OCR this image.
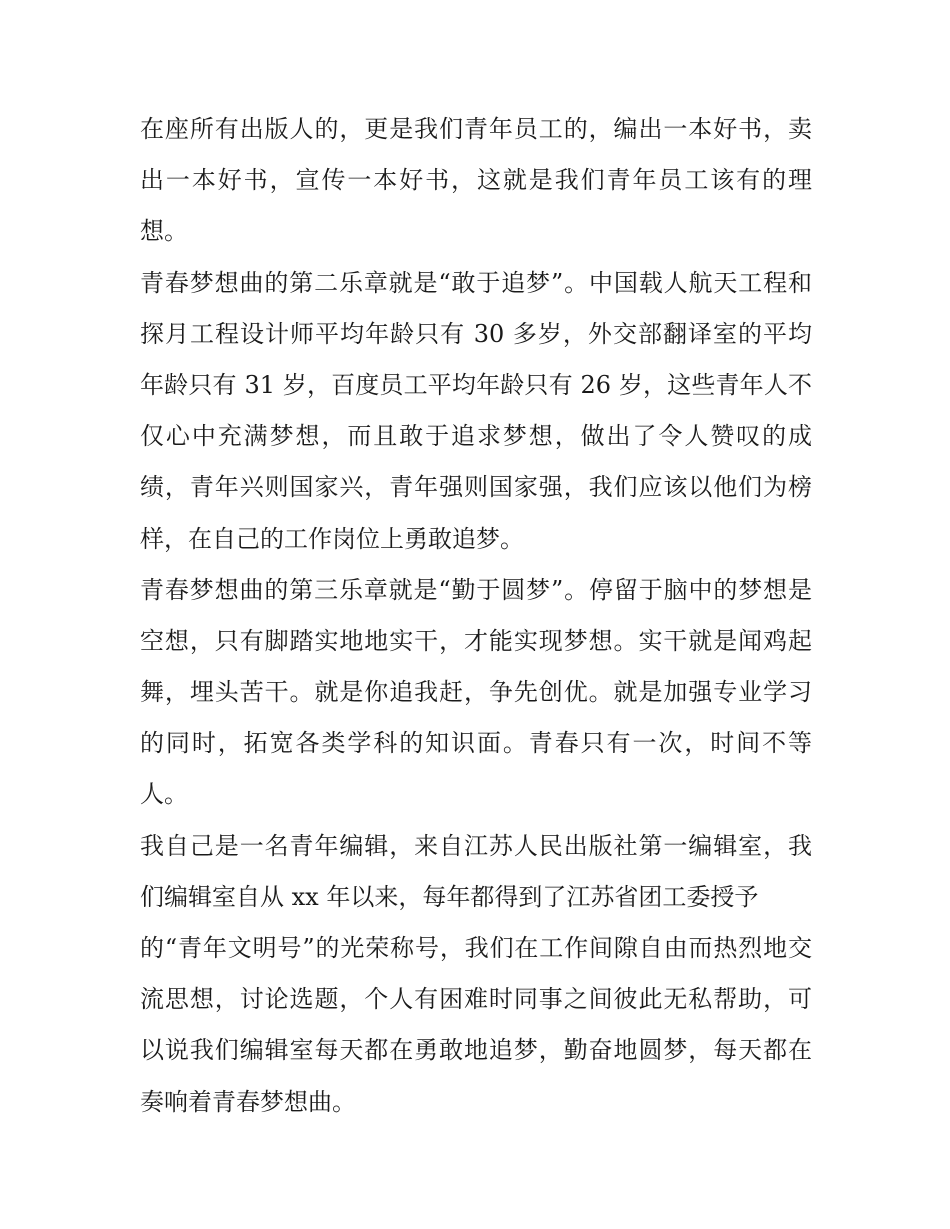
在座所有出版人的，更是我们青年员工的，编出一本好书，卖
出一本好书，宣传一本好书，这就是我们青年员工该有的理
想。
青春梦想曲的第二乐章就是“敢于追梦”。中国载人航天工程和
探月工程设计师平均年龄只有 30 多岁，外交部翻译室的平均
年龄只有 31 岁，百度员工平均年龄只有 26 岁，这些青年人不
仅心中充满梦想，而且敢于追求梦想，做出了令人赞叹的成
绩，青年兴则国家兴，青年强则国家强，我们应该以他们为榜
样，在自己的工作岗位上勇敢追梦。
青春梦想曲的第三乐章就是“勤于圆梦”。停留于脑中的梦想是
空想，只有脚踏实地地实干，才能实现梦想。实干就是闻鸡起
舞，埋头苦干。就是你追我赶，争先创优。就是加强专业学习
的同时，拓宽各类学科的知识面。青春只有一次，时间不等
人。
我自己是一名青年编辑，来自江苏人民出版社第一编辑室，我
们编辑室自从 xx 年以来，每年都得到了江苏省团工委授予
的“青年文明号”的光荣称号，我们在工作间隙自由而热烈地交
流思想，讨论选题，个人有困难时同事之间彼此无私帮助，可
以说我们编辑室每天都在勇敢地追梦，勤奋地圆梦，每天都在
奏响着青春梦想曲。
